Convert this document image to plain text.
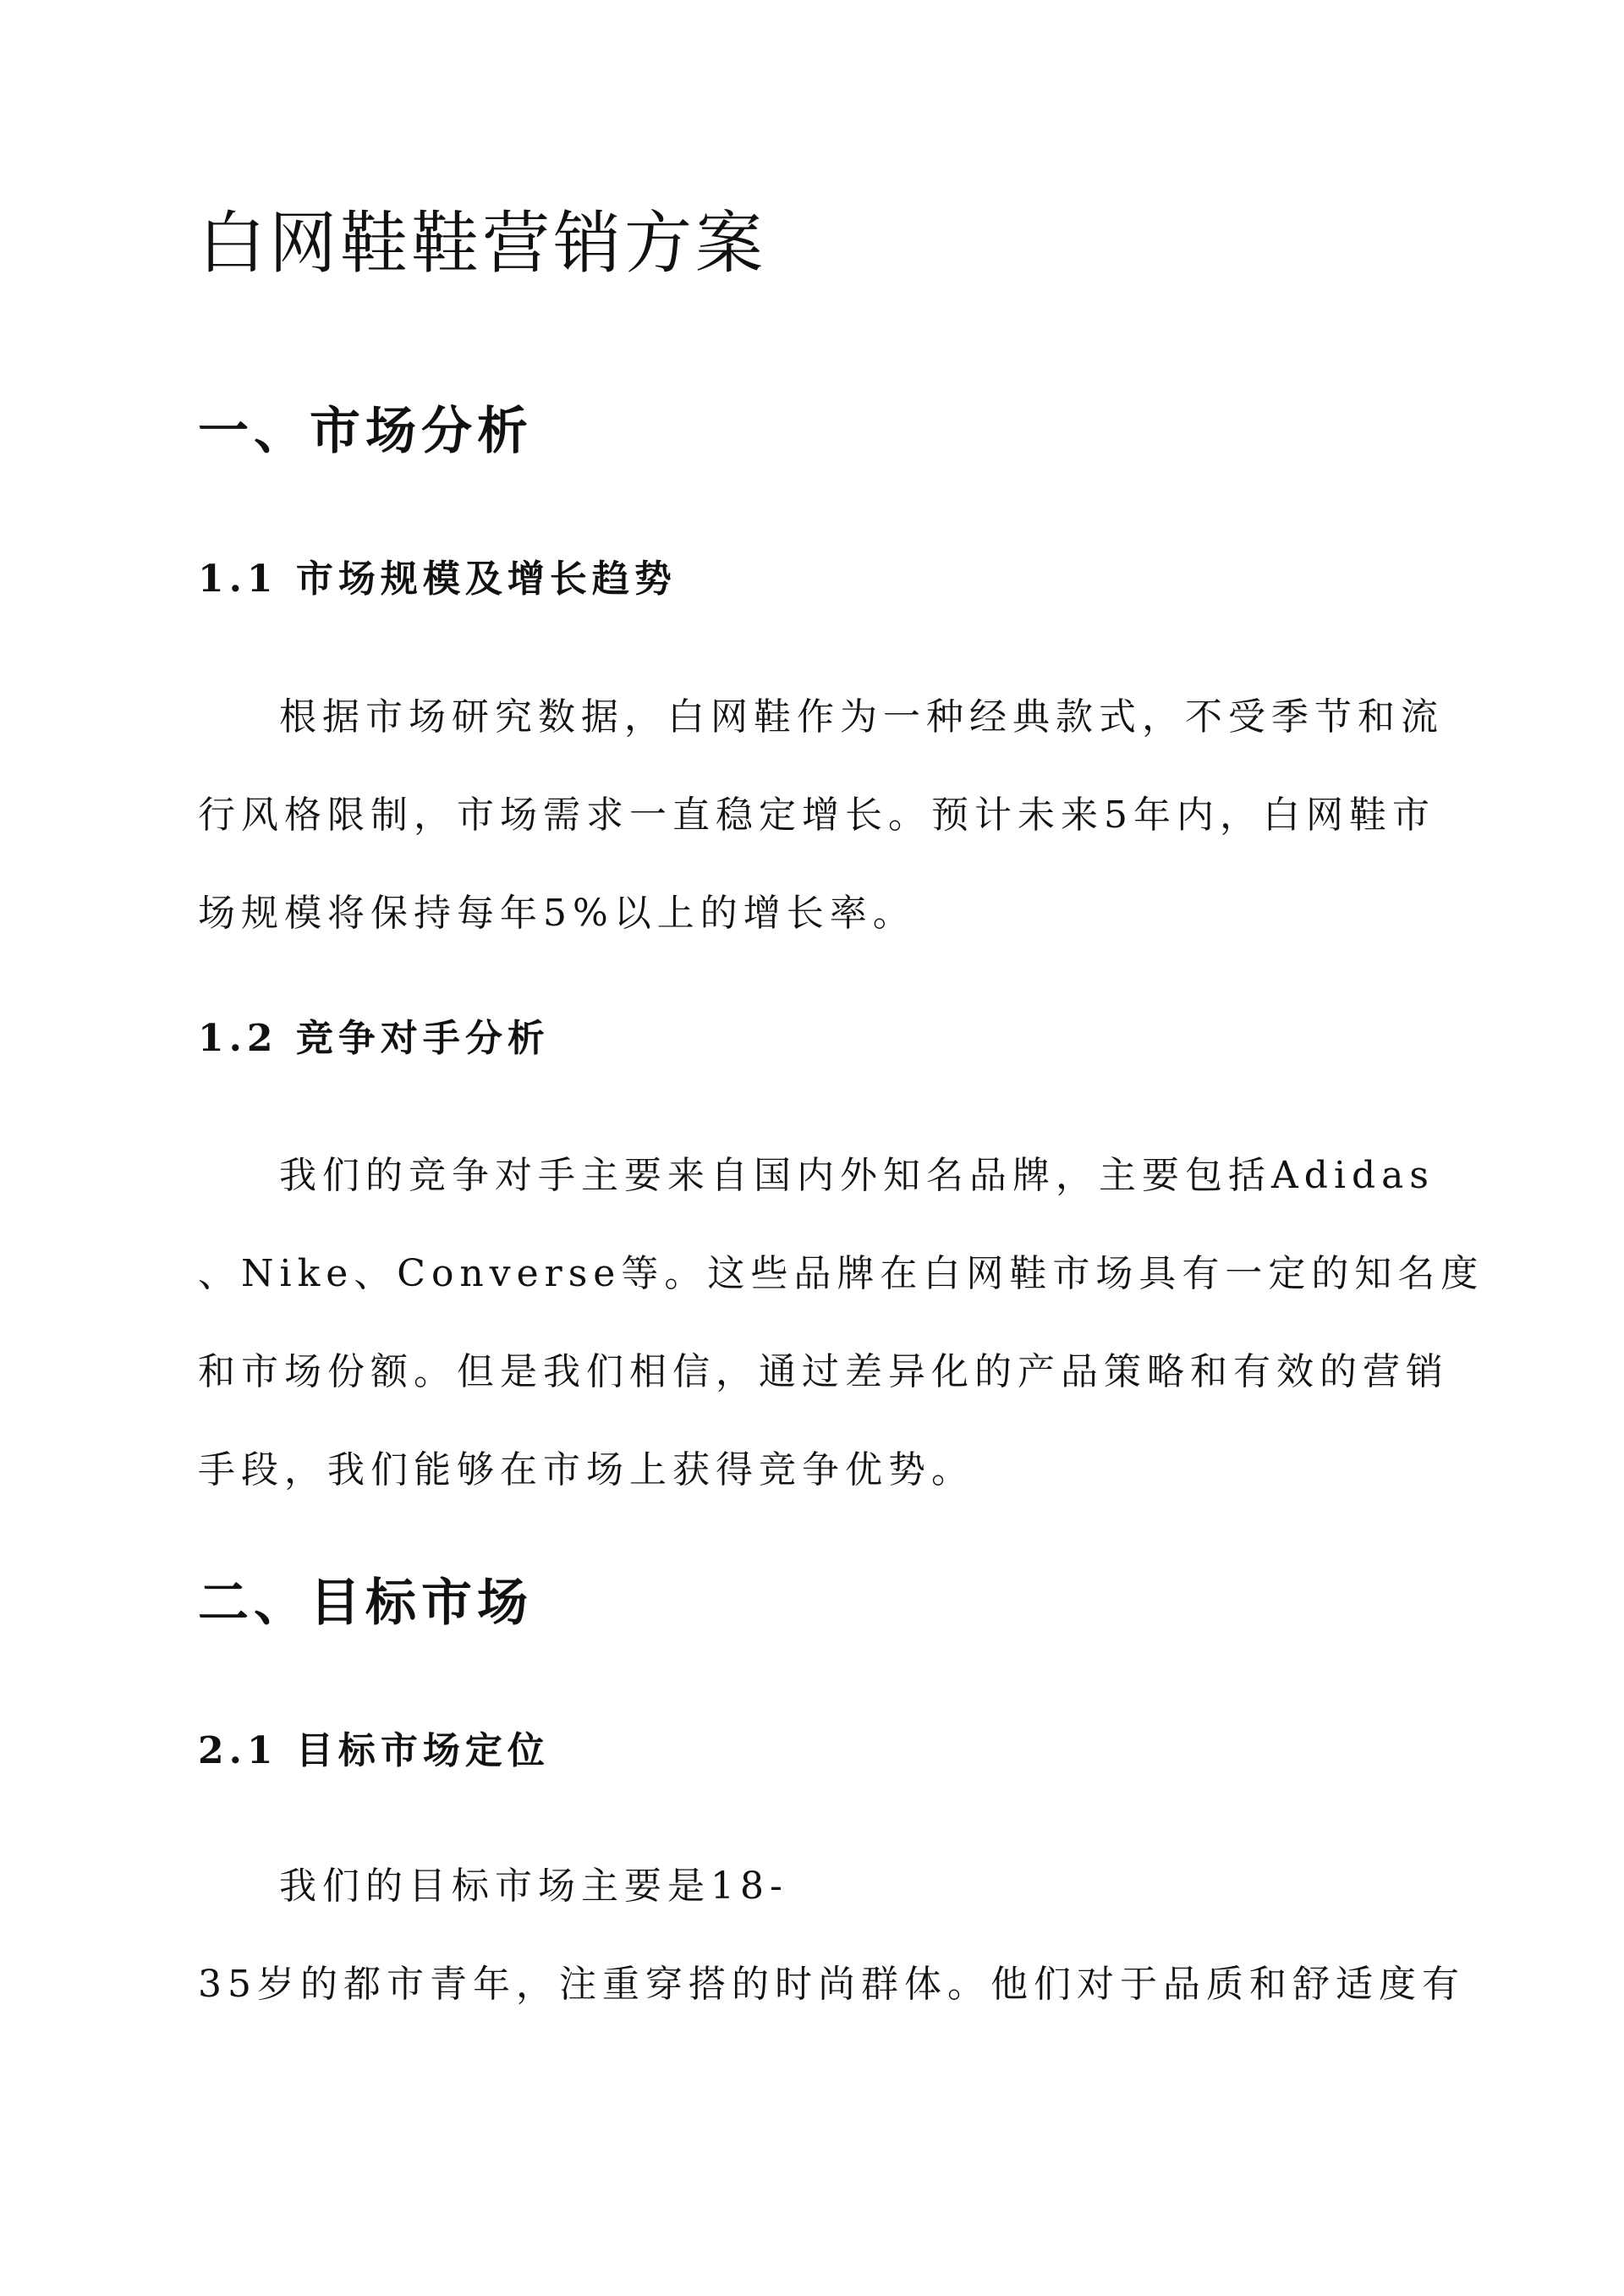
白网鞋鞋营销方案
一、市场分析
1.1 市场规模及增长趋势
根据市场研究数据，白网鞋作为一种经典款式，不受季节和流
行风格限制，市场需求一直稳定增长。预计未来5年内，白网鞋市
场规模将保持每年5%以上的增长率。
1.2 竞争对手分析
我们的竞争对手主要来自国内外知名品牌，主要包括Adidas
、Nike、Converse等。这些品牌在白网鞋市场具有一定的知名度
和市场份额。但是我们相信，通过差异化的产品策略和有效的营销
手段，我们能够在市场上获得竞争优势。
二、目标市场
2.1 目标市场定位
我们的目标市场主要是18-
35岁的都市青年，注重穿搭的时尚群体。他们对于品质和舒适度有
